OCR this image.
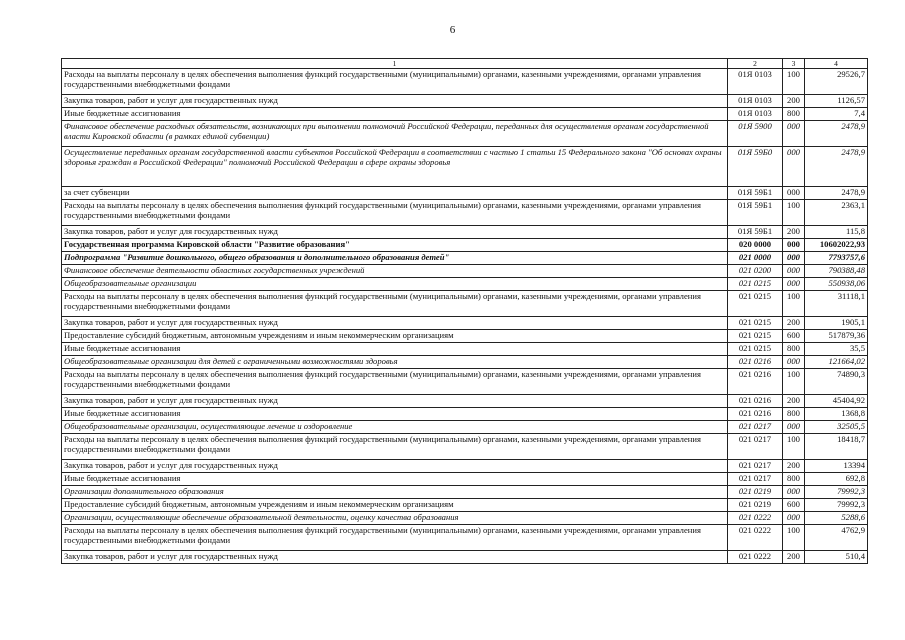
6
1	2	3	4
Расходы на выплаты персоналу в целях обеспечения выполнения функций государственными (муниципальными) органами, казенными учреждениями, органами управления государственными внебюджетными фондами	01Я 0103	100	29526,7
Закупка товаров, работ и услуг для государственных нужд	01Я 0103	200	1126,57
Иные бюджетные ассигнования	01Я 0103	800	7,4
Финансовое обеспечение расходных обязательств, возникающих при выполнении полномочий Российской Федерации, переданных для осуществления органам государственной власти Кировской области (в рамках единой субвенции)	01Я 5900	000	2478,9
Осуществление переданных органам государственной власти субъектов Российской Федерации в соответствии с частью 1 статьи 15 Федерального закона "Об основах охраны здоровья граждан в Российской Федерации" полномочий Российской Федерации в сфере охраны здоровья	01Я 59Б0	000	2478,9
за счет субвенции	01Я 59Б1	000	2478,9
Расходы на выплаты персоналу в целях обеспечения выполнения функций государственными (муниципальными) органами, казенными учреждениями, органами управления государственными внебюджетными фондами	01Я 59Б1	100	2363,1
Закупка товаров, работ и услуг для государственных нужд	01Я 59Б1	200	115,8
Государственная программа Кировской области "Развитие образования"	020 0000	000	10602022,93
Подпрограмма "Развитие дошкольного, общего образования и дополнительного образования детей"	021 0000	000	7793757,6
Финансовое обеспечение деятельности областных государственных учреждений	021 0200	000	790388,48
Общеобразовательные организации	021 0215	000	550938,06
Расходы на выплаты персоналу в целях обеспечения выполнения функций государственными (муниципальными) органами, казенными учреждениями, органами управления государственными внебюджетными фондами	021 0215	100	31118,1
Закупка товаров, работ и услуг для государственных нужд	021 0215	200	1905,1
Предоставление субсидий бюджетным, автономным учреждениям и иным некоммерческим организациям	021 0215	600	517879,36
Иные бюджетные ассигнования	021 0215	800	35,5
Общеобразовательные организации для детей с ограниченными возможностями здоровья	021 0216	000	121664,02
Расходы на выплаты персоналу в целях обеспечения выполнения функций государственными (муниципальными) органами, казенными учреждениями, органами управления государственными внебюджетными фондами	021 0216	100	74890,3
Закупка товаров, работ и услуг для государственных нужд	021 0216	200	45404,92
Иные бюджетные ассигнования	021 0216	800	1368,8
Общеобразовательные организации, осуществляющие лечение и оздоровление	021 0217	000	32505,5
Расходы на выплаты персоналу в целях обеспечения выполнения функций государственными (муниципальными) органами, казенными учреждениями, органами управления государственными внебюджетными фондами	021 0217	100	18418,7
Закупка товаров, работ и услуг для государственных нужд	021 0217	200	13394
Иные бюджетные ассигнования	021 0217	800	692,8
Организации дополнительного образования	021 0219	000	79992,3
Предоставление субсидий бюджетным, автономным учреждениям и иным некоммерческим организациям	021 0219	600	79992,3
Организации, осуществляющие обеспечение образовательной деятельности, оценку качества образования	021 0222	000	5288,6
Расходы на выплаты персоналу в целях обеспечения выполнения функций государственными (муниципальными) органами, казенными учреждениями, органами управления государственными внебюджетными фондами	021 0222	100	4762,9
Закупка товаров, работ и услуг для государственных нужд	021 0222	200	510,4
